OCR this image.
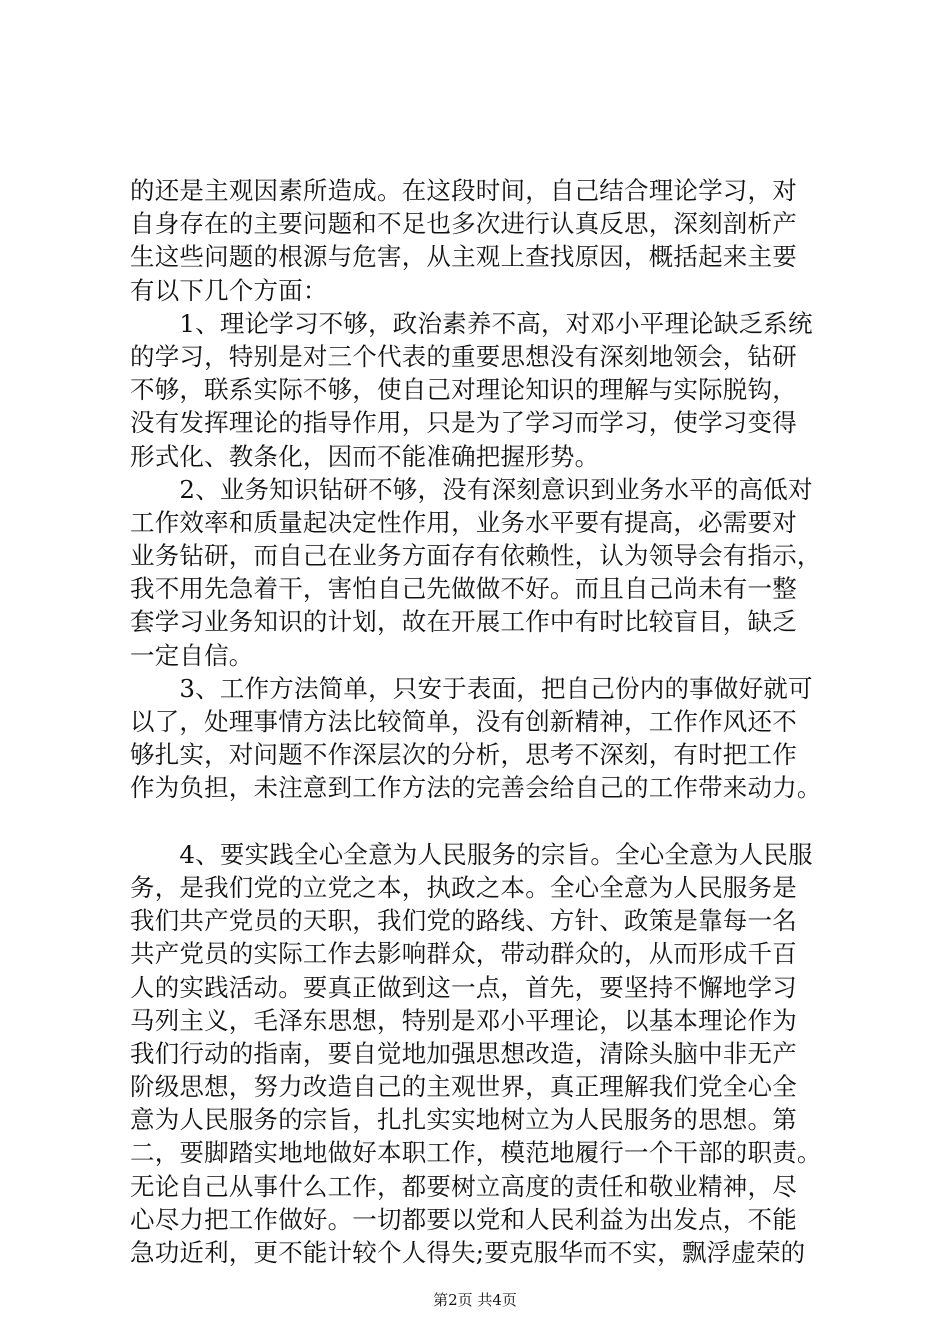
的还是主观因素所造成。在这段时间，自己结合理论学习，对
自身存在的主要问题和不足也多次进行认真反思，深刻剖析产
生这些问题的根源与危害，从主观上查找原因，概括起来主要
有以下几个方面：
　　1、理论学习不够，政治素养不高，对邓小平理论缺乏系统
的学习，特别是对三个代表的重要思想没有深刻地领会，钻研
不够，联系实际不够，使自己对理论知识的理解与实际脱钩，
没有发挥理论的指导作用，只是为了学习而学习，使学习变得
形式化、教条化，因而不能准确把握形势。
　　2、业务知识钻研不够，没有深刻意识到业务水平的高低对
工作效率和质量起决定性作用，业务水平要有提高，必需要对
业务钻研，而自己在业务方面存有依赖性，认为领导会有指示，
我不用先急着干，害怕自己先做做不好。而且自己尚未有一整
套学习业务知识的计划，故在开展工作中有时比较盲目，缺乏
一定自信。
　　3、工作方法简单，只安于表面，把自己份内的事做好就可
以了，处理事情方法比较简单，没有创新精神，工作作风还不
够扎实，对问题不作深层次的分析，思考不深刻，有时把工作
作为负担，未注意到工作方法的完善会给自己的工作带来动力。
　　4、要实践全心全意为人民服务的宗旨。全心全意为人民服
务，是我们党的立党之本，执政之本。全心全意为人民服务是
我们共产党员的天职，我们党的路线、方针、政策是靠每一名
共产党员的实际工作去影响群众，带动群众的，从而形成千百
人的实践活动。要真正做到这一点，首先，要坚持不懈地学习
马列主义，毛泽东思想，特别是邓小平理论，以基本理论作为
我们行动的指南，要自觉地加强思想改造，清除头脑中非无产
阶级思想，努力改造自己的主观世界，真正理解我们党全心全
意为人民服务的宗旨，扎扎实实地树立为人民服务的思想。第
二，要脚踏实地地做好本职工作，模范地履行一个干部的职责。
无论自己从事什么工作，都要树立高度的责任和敬业精神，尽
心尽力把工作做好。一切都要以党和人民利益为出发点，不能
急功近利，更不能计较个人得失;要克服华而不实，飘浮虚荣的
第2页 共4页
